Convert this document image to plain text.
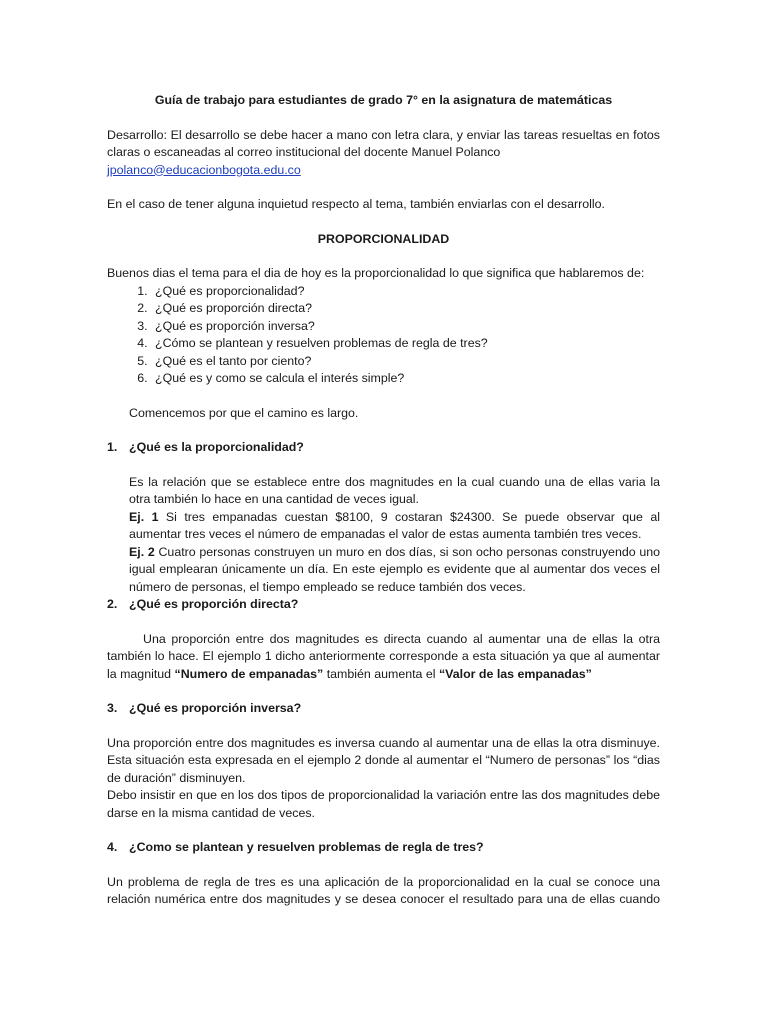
Guía de trabajo para estudiantes de grado 7° en la asignatura de matemáticas

Desarrollo: El desarrollo se debe hacer a mano con letra clara, y enviar las tareas resueltas en fotos claras o escaneadas al correo institucional del docente Manuel Polanco

jpolanco@educacionbogota.edu.co

En el caso de tener alguna inquietud respecto al tema, también enviarlas con el desarrollo.

PROPORCIONALIDAD

Buenos dias el tema para el dia de hoy es la proporcionalidad lo que significa que hablaremos de:

1. ¿Qué es proporcionalidad?
2. ¿Qué es proporción directa?
3. ¿Qué es proporción inversa?
4. ¿Cómo se plantean y resuelven problemas de regla de tres?
5. ¿Qué es el tanto por ciento?
6. ¿Qué es y como se calcula el interés simple?

Comencemos por que el camino es largo.

1. ¿Qué es la proporcionalidad?

Es la relación que se establece entre dos magnitudes en la cual cuando una de ellas varia la otra también lo hace en una cantidad de veces igual.

Ej. 1 Si tres empanadas cuestan $8100, 9 costaran $24300. Se puede observar que al aumentar tres veces el número de empanadas el valor de estas aumenta también tres veces.

Ej. 2 Cuatro personas construyen un muro en dos días, si son ocho personas construyendo uno igual emplearan únicamente un día. En este ejemplo es evidente que al aumentar dos veces el número de personas, el tiempo empleado se reduce también dos veces.

2. ¿Qué es proporción directa?

Una proporción entre dos magnitudes es directa cuando al aumentar una de ellas la otra también lo hace. El ejemplo 1 dicho anteriormente corresponde a esta situación ya que al aumentar la magnitud “Numero de empanadas” también aumenta el “Valor de las empanadas”

3. ¿Qué es proporción inversa?

Una proporción entre dos magnitudes es inversa cuando al aumentar una de ellas la otra disminuye. Esta situación esta expresada en el ejemplo 2 donde al aumentar el “Numero de personas” los “dias de duración” disminuyen.

Debo insistir en que en los dos tipos de proporcionalidad la variación entre las dos magnitudes debe darse en la misma cantidad de veces.

4. ¿Como se plantean y resuelven problemas de regla de tres?

Un problema de regla de tres es una aplicación de la proporcionalidad en la cual se conoce una relación numérica entre dos magnitudes y se desea conocer el resultado para una de ellas cuando
